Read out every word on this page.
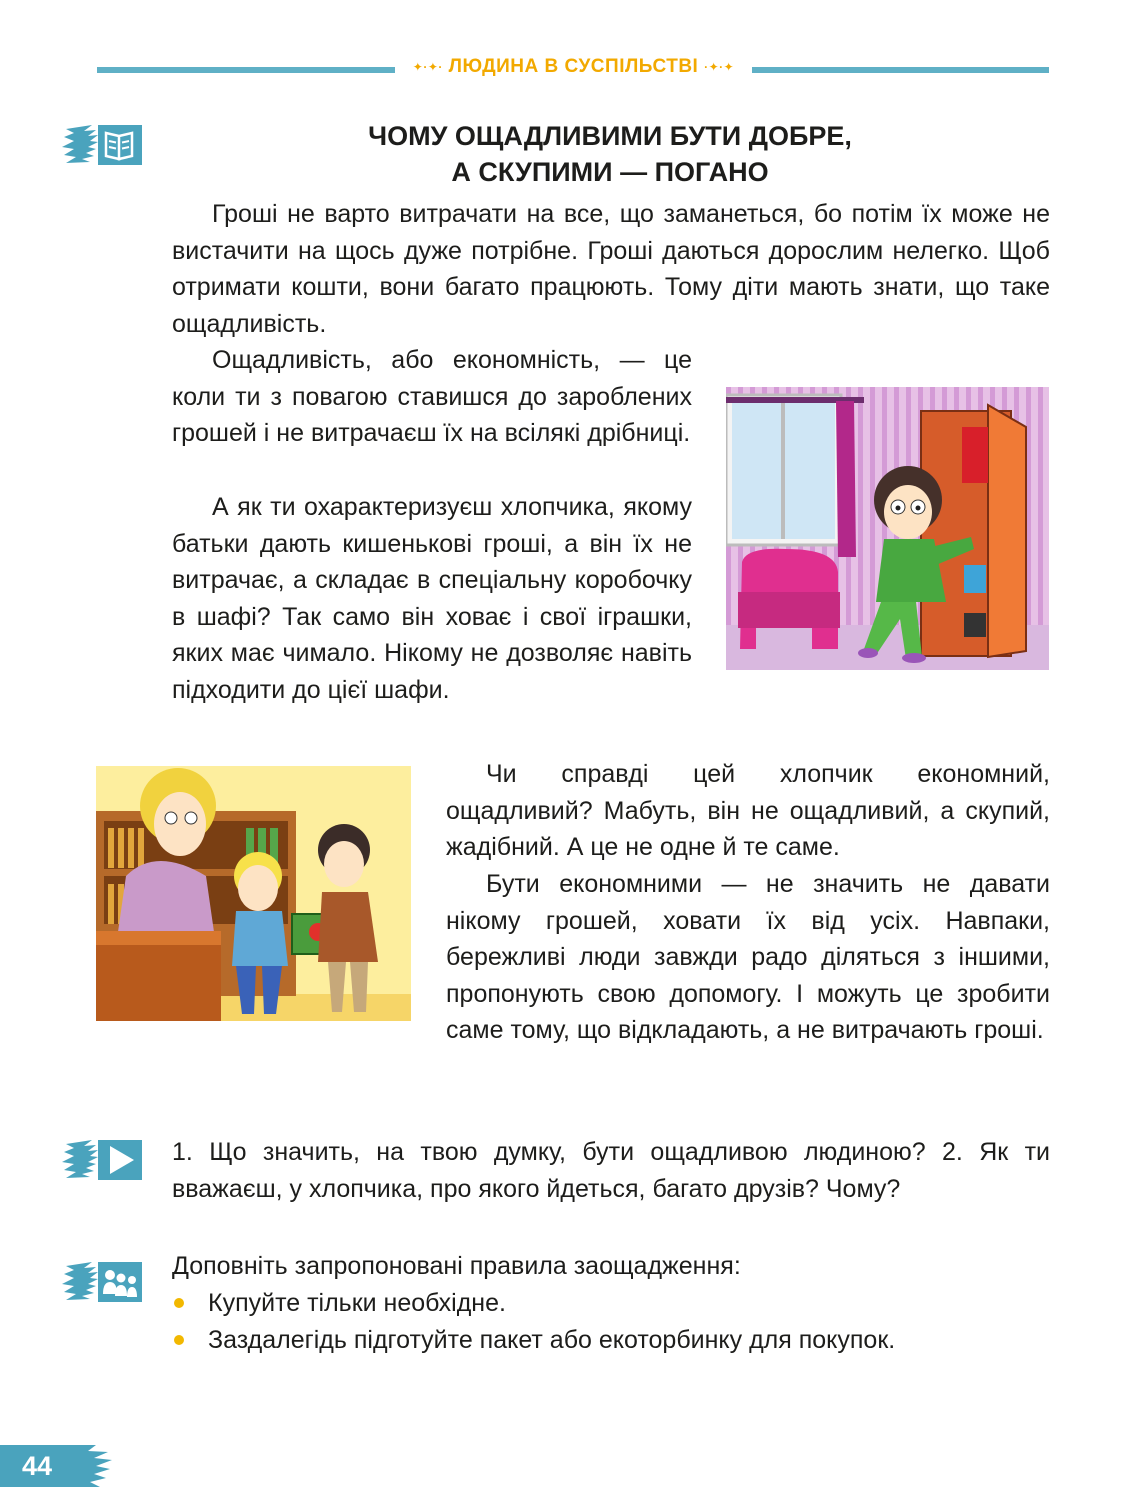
✦·✦· ЛЮДИНА В СУСПІЛЬСТВІ ·✦·✦
ЧОМУ ОЩАДЛИВИМИ БУТИ ДОБРЕ,
А СКУПИМИ — ПОГАНО
Гроші не варто витрачати на все, що заманеться, бо потім їх може не вистачити на щось дуже потрібне. Гроші даються дорослим нелегко. Щоб отримати кошти, вони багато працюють. Тому діти мають знати, що таке ощадливість.
Ощадливість, або економність, — це коли ти з повагою ставишся до зароблених грошей і не витрачаєш їх на всілякі дрібниці.
А як ти охарактеризуєш хлопчика, якому батьки дають кишенькові гроші, а він їх не витрачає, а складає в спеціальну коробочку в шафі? Так само він ховає і свої іграшки, яких має чимало. Нікому не дозволяє навіть підходити до цієї шафи.
Чи справді цей хлопчик економний, ощадливий? Мабуть, він не ощадливий, а скупий, жадібний. А це не одне й те саме.
Бути економними — не значить не давати нікому грошей, ховати їх від усіх. Навпаки, бережливі люди завжди радо діляться з іншими, пропонують свою допомогу. І можуть це зробити саме тому, що відкладають, а не витрачають гроші.
1. Що значить, на твою думку, бути ощадливою людиною? 2. Як ти вважаєш, у хлопчика, про якого йдеться, багато друзів? Чому?
Доповніть запропоновані правила заощадження:
Купуйте тільки необхідне.
Заздалегідь підготуйте пакет або екоторбинку для покупок.
44
